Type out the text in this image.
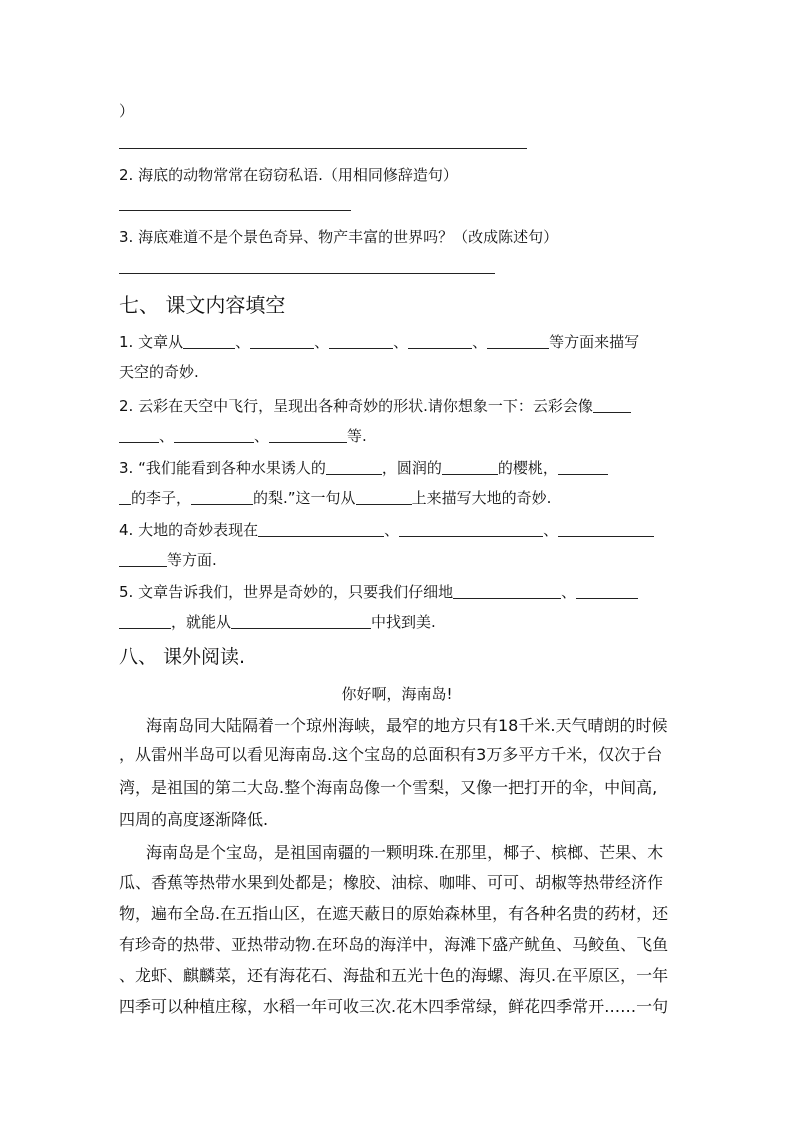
）
2. 海底的动物常常在窃窃私语.（用相同修辞造句）
3. 海底难道不是个景色奇异、物产丰富的世界吗？（改成陈述句）
七、 课文内容填空
1. 文章从	、	、	、	、	等方面来描写
天空的奇妙.
2. 云彩在天空中飞行，呈现出各种奇妙的形状.请你想象一下：云彩会像
、	、	等.
3. “我们能看到各种水果诱人的	，圆润的	的樱桃，
的李子，	的梨.”这一句从	上来描写大地的奇妙.
4. 大地的奇妙表现在	、	、
等方面.
5. 文章告诉我们，世界是奇妙的，只要我们仔细地	、
，就能从	中找到美.
八、 课外阅读.
你好啊，海南岛!
海南岛同大陆隔着一个琼州海峡，最窄的地方只有18千米.天气晴朗的时候
，从雷州半岛可以看见海南岛.这个宝岛的总面积有3万多平方千米，仅次于台
湾，是祖国的第二大岛.整个海南岛像一个雪梨，又像一把打开的伞，中间高,
四周的高度逐渐降低.
海南岛是个宝岛，是祖国南疆的一颗明珠.在那里，椰子、槟榔、芒果、木
瓜、香蕉等热带水果到处都是；橡胶、油棕、咖啡、可可、胡椒等热带经济作
物，遍布全岛.在五指山区，在遮天蔽日的原始森林里，有各种名贵的药材，还
有珍奇的热带、亚热带动物.在环岛的海洋中，海滩下盛产鱿鱼、马鲛鱼、飞鱼
、龙虾、麒麟菜，还有海花石、海盐和五光十色的海螺、海贝.在平原区，一年
四季可以种植庄稼，水稻一年可收三次.花木四季常绿，鲜花四季常开……一句
